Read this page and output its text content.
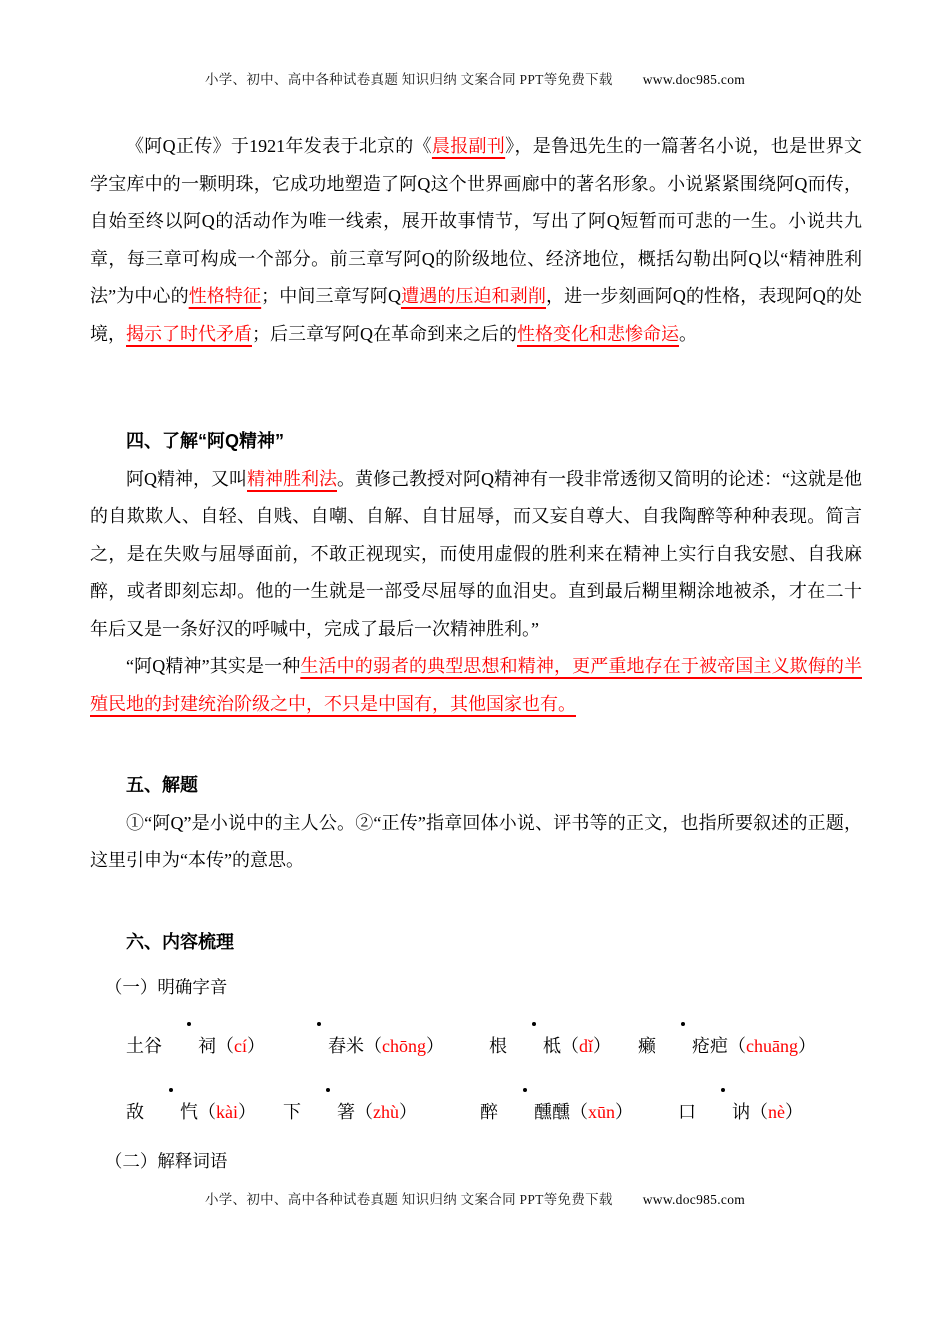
小学、初中、高中各种试卷真题 知识归纳 文案合同 PPT等免费下载 www.doc985.com

《阿Q正传》于1921年发表于北京的《晨报副刊》，是鲁迅先生的一篇著名小说，也是世界文学宝库中的一颗明珠，它成功地塑造了阿Q这个世界画廊中的著名形象。小说紧紧围绕阿Q而传，自始至终以阿Q的活动作为唯一线索，展开故事情节，写出了阿Q短暂而可悲的一生。小说共九章，每三章可构成一个部分。前三章写阿Q的阶级地位、经济地位，概括勾勒出阿Q以“精神胜利法”为中心的性格特征；中间三章写阿Q遭遇的压迫和剥削，进一步刻画阿Q的性格，表现阿Q的处境，揭示了时代矛盾；后三章写阿Q在革命到来之后的性格变化和悲惨命运。

四、了解“阿Q精神”

阿Q精神，又叫精神胜利法。黄修己教授对阿Q精神有一段非常透彻又简明的论述：“这就是他的自欺欺人、自轻、自贱、自嘲、自解、自甘屈辱，而又妄自尊大、自我陶醉等种种表现。简言之，是在失败与屈辱面前，不敢正视现实，而使用虚假的胜利来在精神上实行自我安慰、自我麻醉，或者即刻忘却。他的一生就是一部受尽屈辱的血泪史。直到最后糊里糊涂地被杀，才在二十年后又是一条好汉的呼喊中，完成了最后一次精神胜利。”

“阿Q精神”其实是一种生活中的弱者的典型思想和精神，更严重地存在于被帝国主义欺侮的半殖民地的封建统治阶级之中，不只是中国有，其他国家也有。

五、解题

①“阿Q”是小说中的主人公。②“正传”指章回体小说、评书等的正文，也指所要叙述的正题，这里引申为“本传”的意思。

六、内容梳理

（一）明确字音

土谷 祠（cí）　　舂米（chōng）　　　根 柢（dǐ）　　癞 疮疤（chuāng）

敌 忾（kài）　　下 箸（zhù）　　　　醉 醺醺（xūn）　　　口 讷（nè）

（二）解释词语

小学、初中、高中各种试卷真题 知识归纳 文案合同 PPT等免费下载 www.doc985.com
